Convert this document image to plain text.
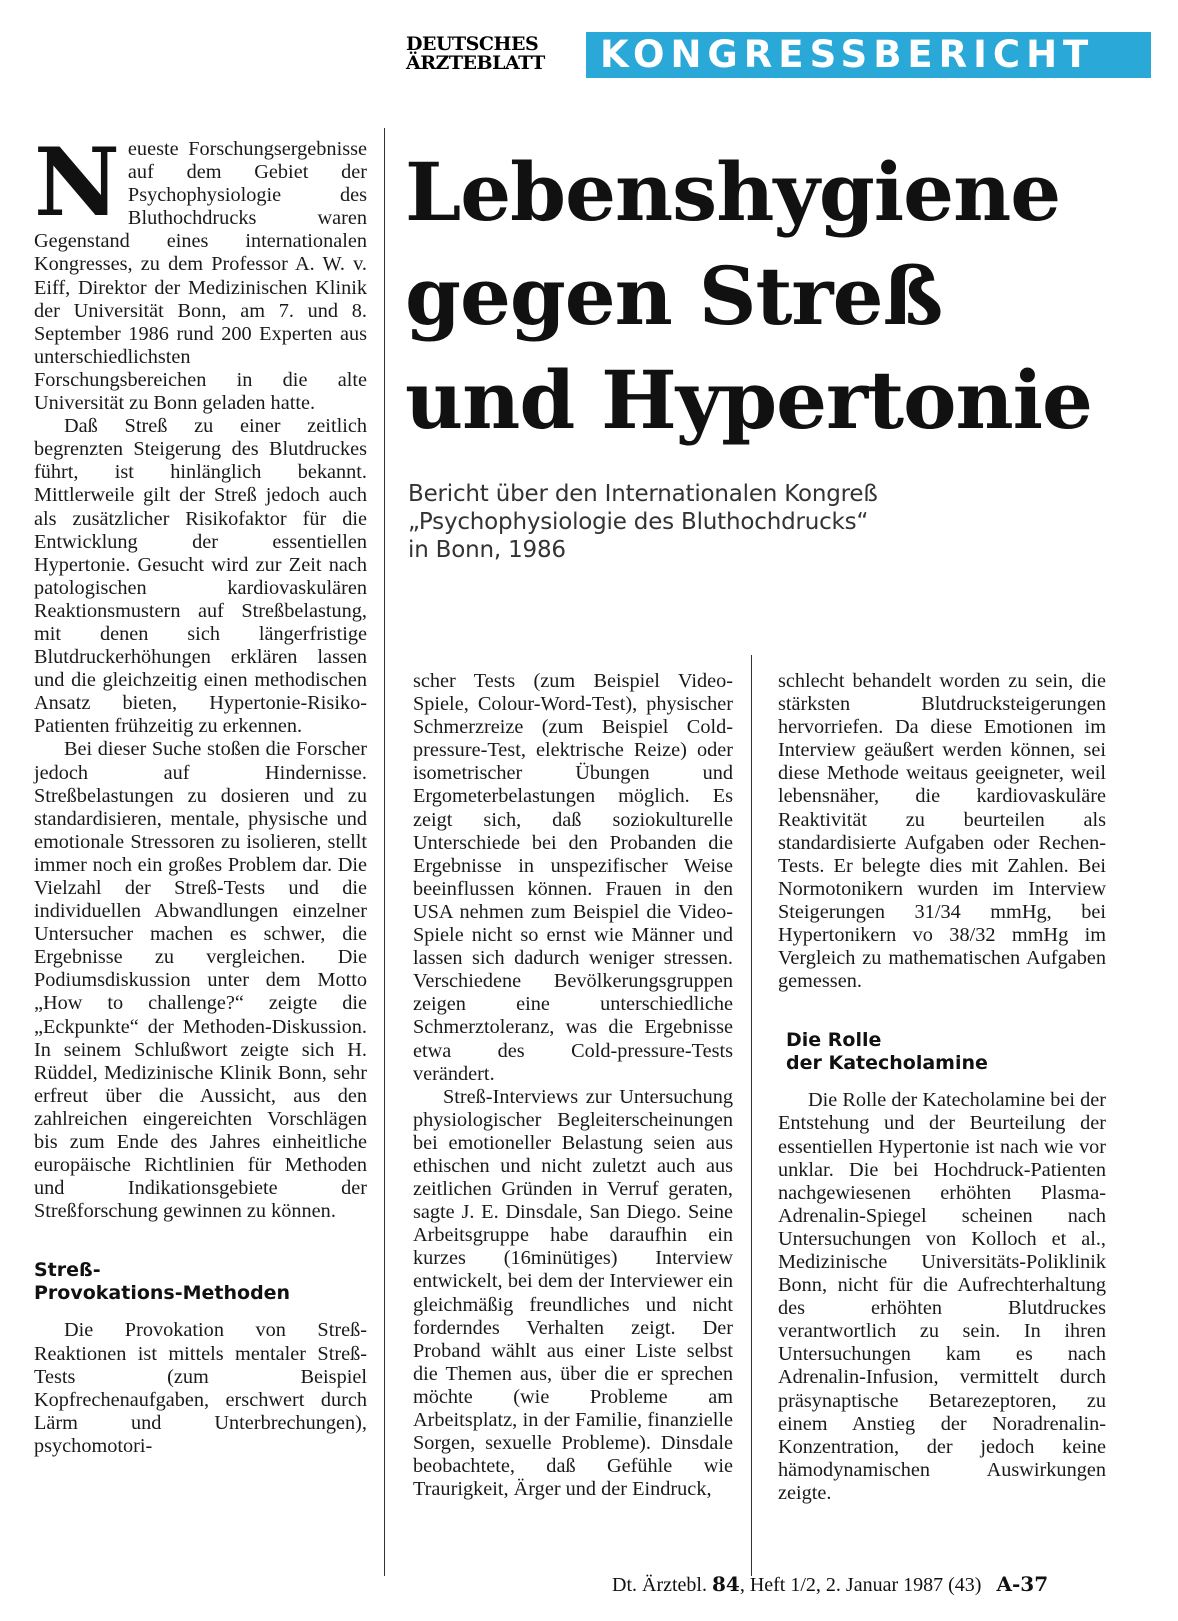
DEUTSCHES
ÄRZTEBLATT	KONGRESSBERICHT

Neueste Forschungsergebnisse auf dem Gebiet der Psychophysiologie des Bluthochdrucks waren Gegenstand eines internationalen Kongresses, zu dem Professor A. W. v. Eiff, Direktor der Medizinischen Klinik der Universität Bonn, am 7. und 8. September 1986 rund 200 Experten aus unterschiedlichsten Forschungsbereichen in die alte Universität zu Bonn geladen hatte.

Daß Streß zu einer zeitlich begrenzten Steigerung des Blutdruckes führt, ist hinlänglich bekannt. Mittlerweile gilt der Streß jedoch auch als zusätzlicher Risikofaktor für die Entwicklung der essentiellen Hypertonie. Gesucht wird zur Zeit nach patologischen kardiovaskulären Reaktionsmustern auf Streßbelastung, mit denen sich längerfristige Blutdruckerhöhungen erklären lassen und die gleichzeitig einen methodischen Ansatz bieten, Hypertonie-Risiko-Patienten frühzeitig zu erkennen.

Bei dieser Suche stoßen die Forscher jedoch auf Hindernisse. Streßbelastungen zu dosieren und zu standardisieren, mentale, physische und emotionale Stressoren zu isolieren, stellt immer noch ein großes Problem dar. Die Vielzahl der Streß-Tests und die individuellen Abwandlungen einzelner Untersucher machen es schwer, die Ergebnisse zu vergleichen. Die Podiumsdiskussion unter dem Motto „How to challenge?“ zeigte die „Eckpunkte“ der Methoden-Diskussion. In seinem Schlußwort zeigte sich H. Rüddel, Medizinische Klinik Bonn, sehr erfreut über die Aussicht, aus den zahlreichen eingereichten Vorschlägen bis zum Ende des Jahres einheitliche europäische Richtlinien für Methoden und Indikationsgebiete der Streßforschung gewinnen zu können.

Streß-
Provokations-Methoden

Die Provokation von Streß-Reaktionen ist mittels mentaler Streß-Tests (zum Beispiel Kopfrechenaufgaben, erschwert durch Lärm und Unterbrechungen), psychomotori-

Lebenshygiene
gegen Streß
und Hypertonie
Bericht über den Internationalen Kongreß
„Psychophysiologie des Bluthochdrucks“
in Bonn, 1986

scher Tests (zum Beispiel Video-Spiele, Colour-Word-Test), physischer Schmerzreize (zum Beispiel Cold-pressure-Test, elektrische Reize) oder isometrischer Übungen und Ergometerbelastungen möglich. Es zeigt sich, daß soziokulturelle Unterschiede bei den Probanden die Ergebnisse in unspezifischer Weise beeinflussen können. Frauen in den USA nehmen zum Beispiel die Video-Spiele nicht so ernst wie Männer und lassen sich dadurch weniger stressen. Verschiedene Bevölkerungsgruppen zeigen eine unterschiedliche Schmerztoleranz, was die Ergebnisse etwa des Cold-pressure-Tests verändert.

Streß-Interviews zur Untersuchung physiologischer Begleiterscheinungen bei emotioneller Belastung seien aus ethischen und nicht zuletzt auch aus zeitlichen Gründen in Verruf geraten, sagte J. E. Dinsdale, San Diego. Seine Arbeitsgruppe habe daraufhin ein kurzes (16minütiges) Interview entwickelt, bei dem der Interviewer ein gleichmäßig freundliches und nicht forderndes Verhalten zeigt. Der Proband wählt aus einer Liste selbst die Themen aus, über die er sprechen möchte (wie Probleme am Arbeitsplatz, in der Familie, finanzielle Sorgen, sexuelle Probleme). Dinsdale beobachtete, daß Gefühle wie Traurigkeit, Ärger und der Eindruck,

schlecht behandelt worden zu sein, die stärksten Blutdrucksteigerungen hervorriefen. Da diese Emotionen im Interview geäußert werden können, sei diese Methode weitaus geeigneter, weil lebensnäher, die kardiovaskuläre Reaktivität zu beurteilen als standardisierte Aufgaben oder Rechen-Tests. Er belegte dies mit Zahlen. Bei Normotonikern wurden im Interview Steigerungen 31/34 mmHg, bei Hypertonikern vo 38/32 mmHg im Vergleich zu mathematischen Aufgaben gemessen.

Die Rolle
der Katecholamine

Die Rolle der Katecholamine bei der Entstehung und der Beurteilung der essentiellen Hypertonie ist nach wie vor unklar. Die bei Hochdruck-Patienten nachgewiesenen erhöhten Plasma-Adrenalin-Spiegel scheinen nach Untersuchungen von Kolloch et al., Medizinische Universitäts-Poliklinik Bonn, nicht für die Aufrechterhaltung des erhöhten Blutdruckes verantwortlich zu sein. In ihren Untersuchungen kam es nach Adrenalin-Infusion, vermittelt durch präsynaptische Betarezeptoren, zu einem Anstieg der Noradrenalin-Konzentration, der jedoch keine hämodynamischen Auswirkungen zeigte.

Dt. Ärztebl. 84, Heft 1/2, 2. Januar 1987 (43) A-37
